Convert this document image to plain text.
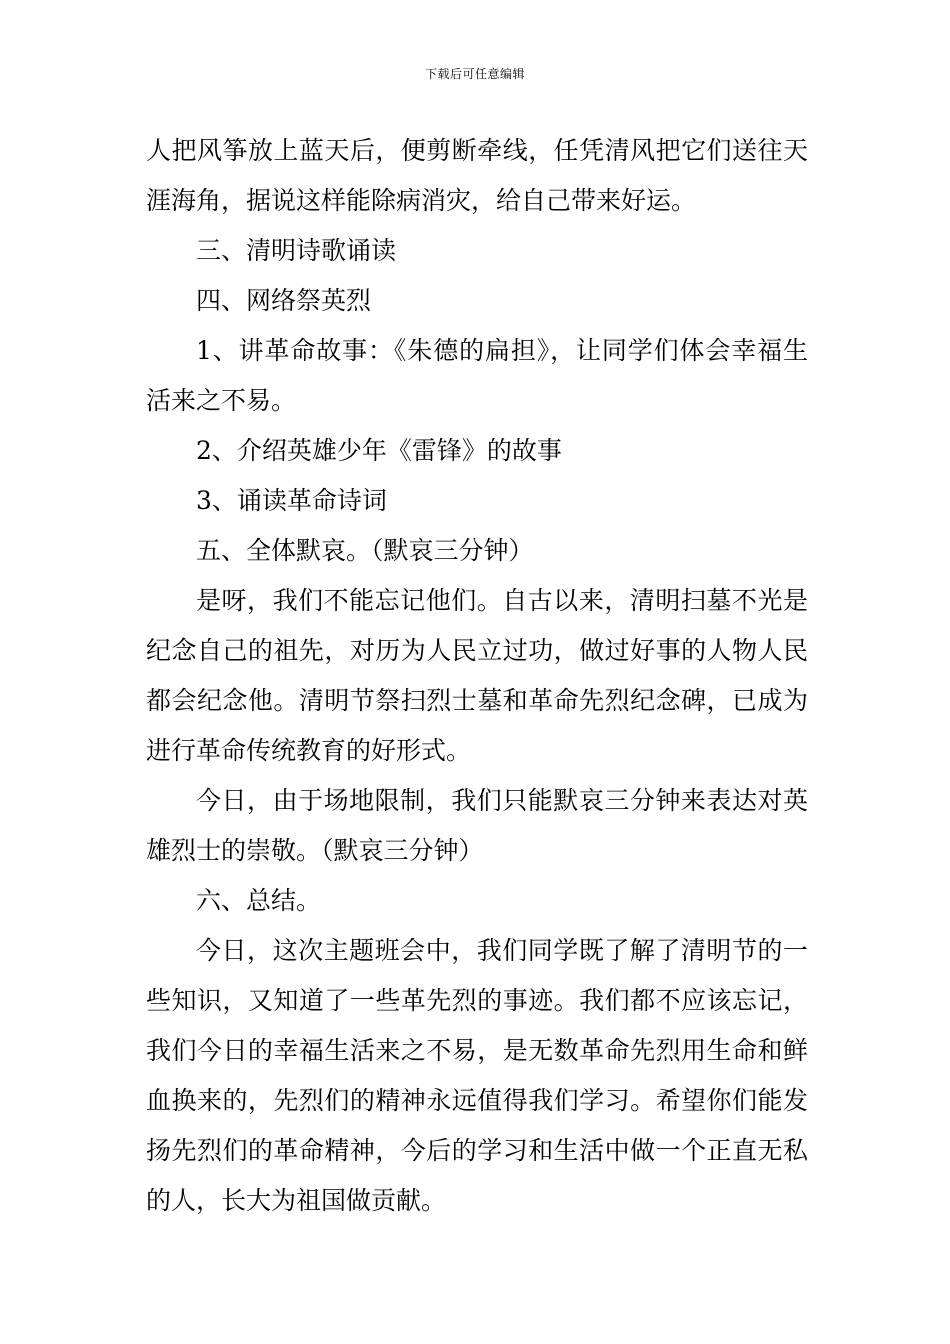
下载后可任意编辑

人把风筝放上蓝天后，便剪断牵线，任凭清风把它们送往天涯海角，据说这样能除病消灾，给自己带来好运。

三、清明诗歌诵读

四、网络祭英烈

1、讲革命故事：《朱德的扁担》，让同学们体会幸福生活来之不易。

2、介绍英雄少年《雷锋》的故事

3、诵读革命诗词

五、全体默哀。（默哀三分钟）

是呀，我们不能忘记他们。自古以来，清明扫墓不光是纪念自己的祖先，对历为人民立过功，做过好事的人物人民都会纪念他。清明节祭扫烈士墓和革命先烈纪念碑，已成为进行革命传统教育的好形式。

今日，由于场地限制，我们只能默哀三分钟来表达对英雄烈士的崇敬。（默哀三分钟）

六、总结。

今日，这次主题班会中，我们同学既了解了清明节的一些知识，又知道了一些革先烈的事迹。我们都不应该忘记，我们今日的幸福生活来之不易，是无数革命先烈用生命和鲜血换来的，先烈们的精神永远值得我们学习。希望你们能发扬先烈们的革命精神，今后的学习和生活中做一个正直无私的人，长大为祖国做贡献。
